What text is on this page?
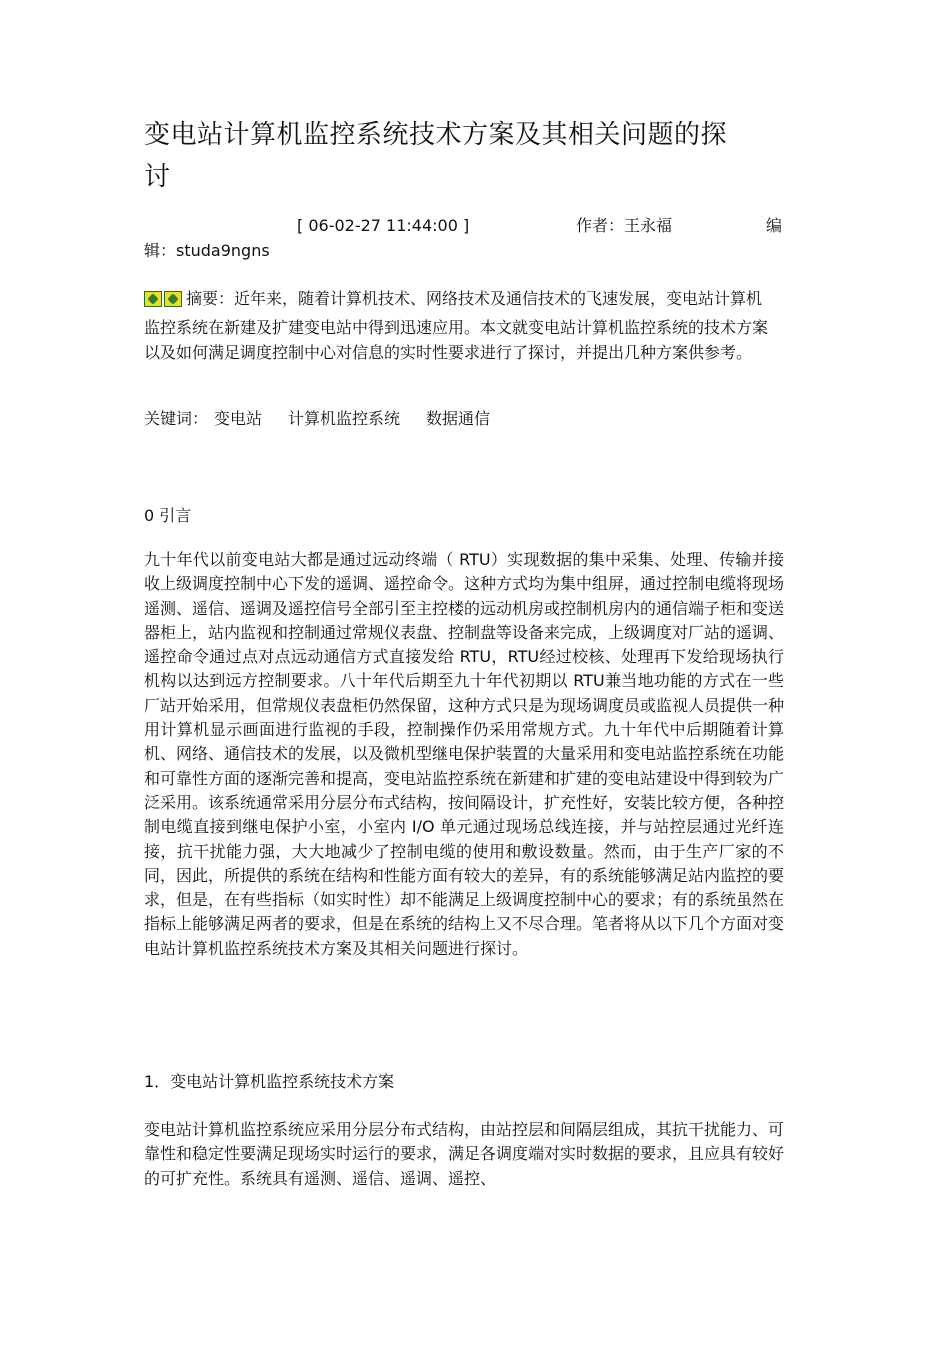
变电站计算机监控系统技术方案及其相关问题的探讨
[ 06-02-27 11:44:00 ]	作者：王永福	编
辑：studa9ngns

摘要：近年来，随着计算机技术、网络技术及通信技术的飞速发展，变电站计算机监控系统在新建及扩建变电站中得到迅速应用。本文就变电站计算机监控系统的技术方案以及如何满足调度控制中心对信息的实时性要求进行了探讨，并提出几种方案供参考。

关键词： 变电站 计算机监控系统 数据通信

0 引言

九十年代以前变电站大都是通过远动终端（ RTU）实现数据的集中采集、处理、传输并接收上级调度控制中心下发的遥调、遥控命令。这种方式均为集中组屏，通过控制电缆将现场遥测、遥信、遥调及遥控信号全部引至主控楼的远动机房或控制机房内的通信端子柜和变送器柜上，站内监视和控制通过常规仪表盘、控制盘等设备来完成，上级调度对厂站的遥调、遥控命令通过点对点远动通信方式直接发给 RTU，RTU经过校核、处理再下发给现场执行机构以达到远方控制要求。八十年代后期至九十年代初期以 RTU兼当地功能的方式在一些厂站开始采用，但常规仪表盘柜仍然保留，这种方式只是为现场调度员或监视人员提供一种用计算机显示画面进行监视的手段，控制操作仍采用常规方式。九十年代中后期随着计算机、网络、通信技术的发展，以及微机型继电保护装置的大量采用和变电站监控系统在功能和可靠性方面的逐渐完善和提高，变电站监控系统在新建和扩建的变电站建设中得到较为广泛采用。该系统通常采用分层分布式结构，按间隔设计，扩充性好，安装比较方便，各种控制电缆直接到继电保护小室，小室内 I/O 单元通过现场总线连接，并与站控层通过光纤连接，抗干扰能力强，大大地减少了控制电缆的使用和敷设数量。然而，由于生产厂家的不同，因此，所提供的系统在结构和性能方面有较大的差异，有的系统能够满足站内监控的要求，但是，在有些指标（如实时性）却不能满足上级调度控制中心的要求；有的系统虽然在指标上能够满足两者的要求，但是在系统的结构上又不尽合理。笔者将从以下几个方面对变电站计算机监控系统技术方案及其相关问题进行探讨。

1．变电站计算机监控系统技术方案

变电站计算机监控系统应采用分层分布式结构，由站控层和间隔层组成，其抗干扰能力、可靠性和稳定性要满足现场实时运行的要求，满足各调度端对实时数据的要求，且应具有较好的可扩充性。系统具有遥测、遥信、遥调、遥控、
